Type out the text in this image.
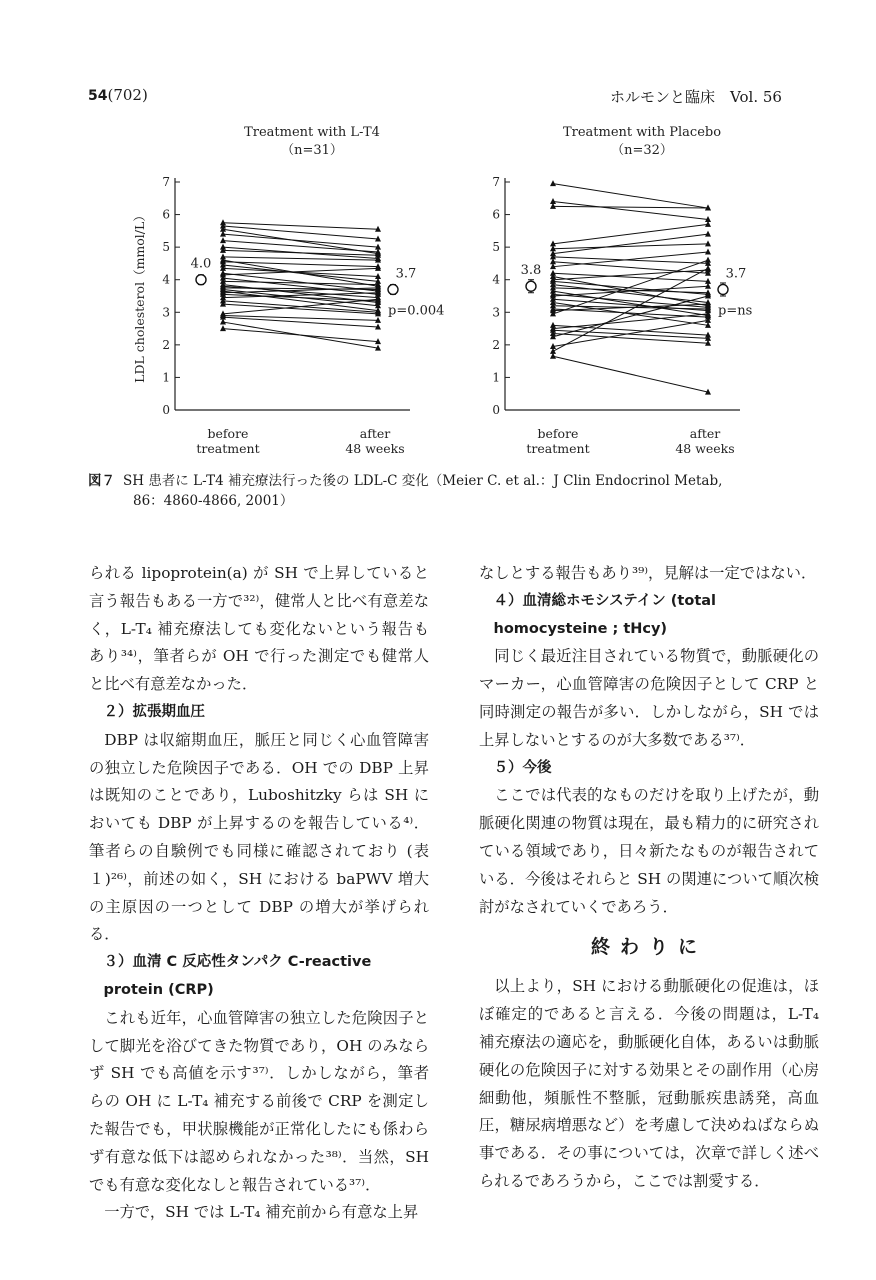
54(702)	ホルモンと臨床　 Vol. 56
Treatment with L-T4
（n=31）
0
1
2
3
4
5
6
7
LDL cholesterol（mmol/L）
before
treatment
after
48 weeks
4.0
3.7
p=0.004
Treatment with Placebo
（n=32）
0
1
2
3
4
5
6
7
before
treatment
after
48 weeks
3.8	3.7
p=ns
図７ SH 患者に L-T4 補充療法行った後の LDL-C 変化（Meier C. et al.：J Clin Endocrinol Metab,
86：4860-4866, 2001）

られる lipoprotein(a) が SH で上昇していると言う報告もある一方で³²⁾，健常人と比べ有意差なく，L-T₄ 補充療法しても変化ないという報告もあり³⁴⁾，筆者らが OH で行った測定でも健常人と比べ有意差なかった．

２）拡張期血圧

DBP は収縮期血圧，脈圧と同じく心血管障害の独立した危険因子である．OH での DBP 上昇は既知のことであり，Luboshitzky らは SH においても DBP が上昇するのを報告している⁴⁾．筆者らの自験例でも同様に確認されており (表１)²⁶⁾，前述の如く，SH における baPWV 増大の主原因の一つとして DBP の増大が挙げられる．

３）血清 C 反応性タンパク C-reactive protein (CRP)

これも近年，心血管障害の独立した危険因子として脚光を浴びてきた物質であり，OH のみならず SH でも高値を示す³⁷⁾．しかしながら，筆者らの OH に L-T₄ 補充する前後で CRP を測定した報告でも，甲状腺機能が正常化したにも係わらず有意な低下は認められなかった³⁸⁾．当然，SH でも有意な変化なしと報告されている³⁷⁾．

一方で，SH では L-T₄ 補充前から有意な上昇

なしとする報告もあり³⁹⁾，見解は一定ではない．

４）血清総ホモシステイン (total homocysteine ; tHcy)

同じく最近注目されている物質で，動脈硬化のマーカー，心血管障害の危険因子として CRP と同時測定の報告が多い．しかしながら，SH では上昇しないとするのが大多数である³⁷⁾．

５）今後

ここでは代表的なものだけを取り上げたが，動脈硬化関連の物質は現在，最も精力的に研究されている領域であり，日々新たなものが報告されている．今後はそれらと SH の関連について順次検討がなされていくであろう．

終わりに

以上より，SH における動脈硬化の促進は，ほぼ確定的であると言える．今後の問題は，L-T₄ 補充療法の適応を，動脈硬化自体，あるいは動脈硬化の危険因子に対する効果とその副作用（心房細動他，頻脈性不整脈，冠動脈疾患誘発，高血圧，糖尿病増悪など）を考慮して決めねばならぬ事である．その事については，次章で詳しく述べられるであろうから，ここでは割愛する．
